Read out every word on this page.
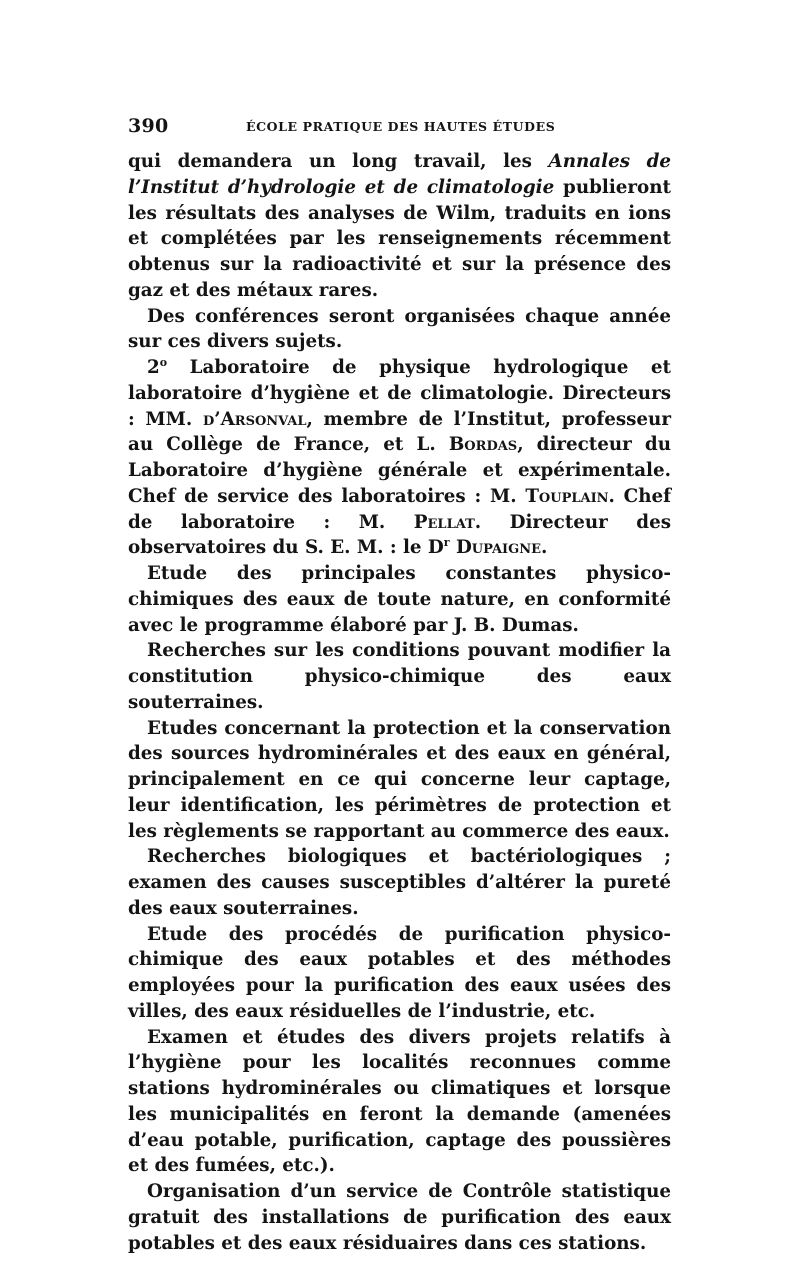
390	ÉCOLE PRATIQUE DES HAUTES ÉTUDES

qui demandera un long travail, les Annales de l’Institut d’hydrologie et de climatologie publieront les résultats des analyses de Wilm, traduits en ions et complétées par les renseignements récemment obtenus sur la radioactivité et sur la présence des gaz et des métaux rares.

Des conférences seront organisées chaque année sur ces divers sujets.

2$^o$ Laboratoire de physique hydrologique et laboratoire d’hygiène et de climatologie. Directeurs : MM. d’Arsonval, membre de l’Institut, professeur au Collège de France, et L. Bordas, directeur du Laboratoire d’hygiène générale et expérimentale. Chef de service des laboratoires : M. Touplain. Chef de laboratoire : M. Pellat. Directeur des observatoires du S. E. M. : le $D^r$ Dupaigne.

Etude des principales constantes physico-chimiques des eaux de toute nature, en conformité avec le programme élaboré par J. B. Dumas.

Recherches sur les conditions pouvant modifier la constitution physico-chimique des eaux souterraines.

Etudes concernant la protection et la conservation des sources hydrominérales et des eaux en général, principalement en ce qui concerne leur captage, leur identification, les périmètres de protection et les règlements se rapportant au commerce des eaux.

Recherches biologiques et bactériologiques ; examen des causes susceptibles d’altérer la pureté des eaux souterraines.

Etude des procédés de purification physico-chimique des eaux potables et des méthodes employées pour la purification des eaux usées des villes, des eaux résiduelles de l’industrie, etc.

Examen et études des divers projets relatifs à l’hygiène pour les localités reconnues comme stations hydrominérales ou climatiques et lorsque les municipalités en feront la demande (amenées d’eau potable, purification, captage des poussières et des fumées, etc.).

Organisation d’un service de Contrôle statistique gratuit des installations de purification des eaux potables et des eaux résiduaires dans ces stations.
